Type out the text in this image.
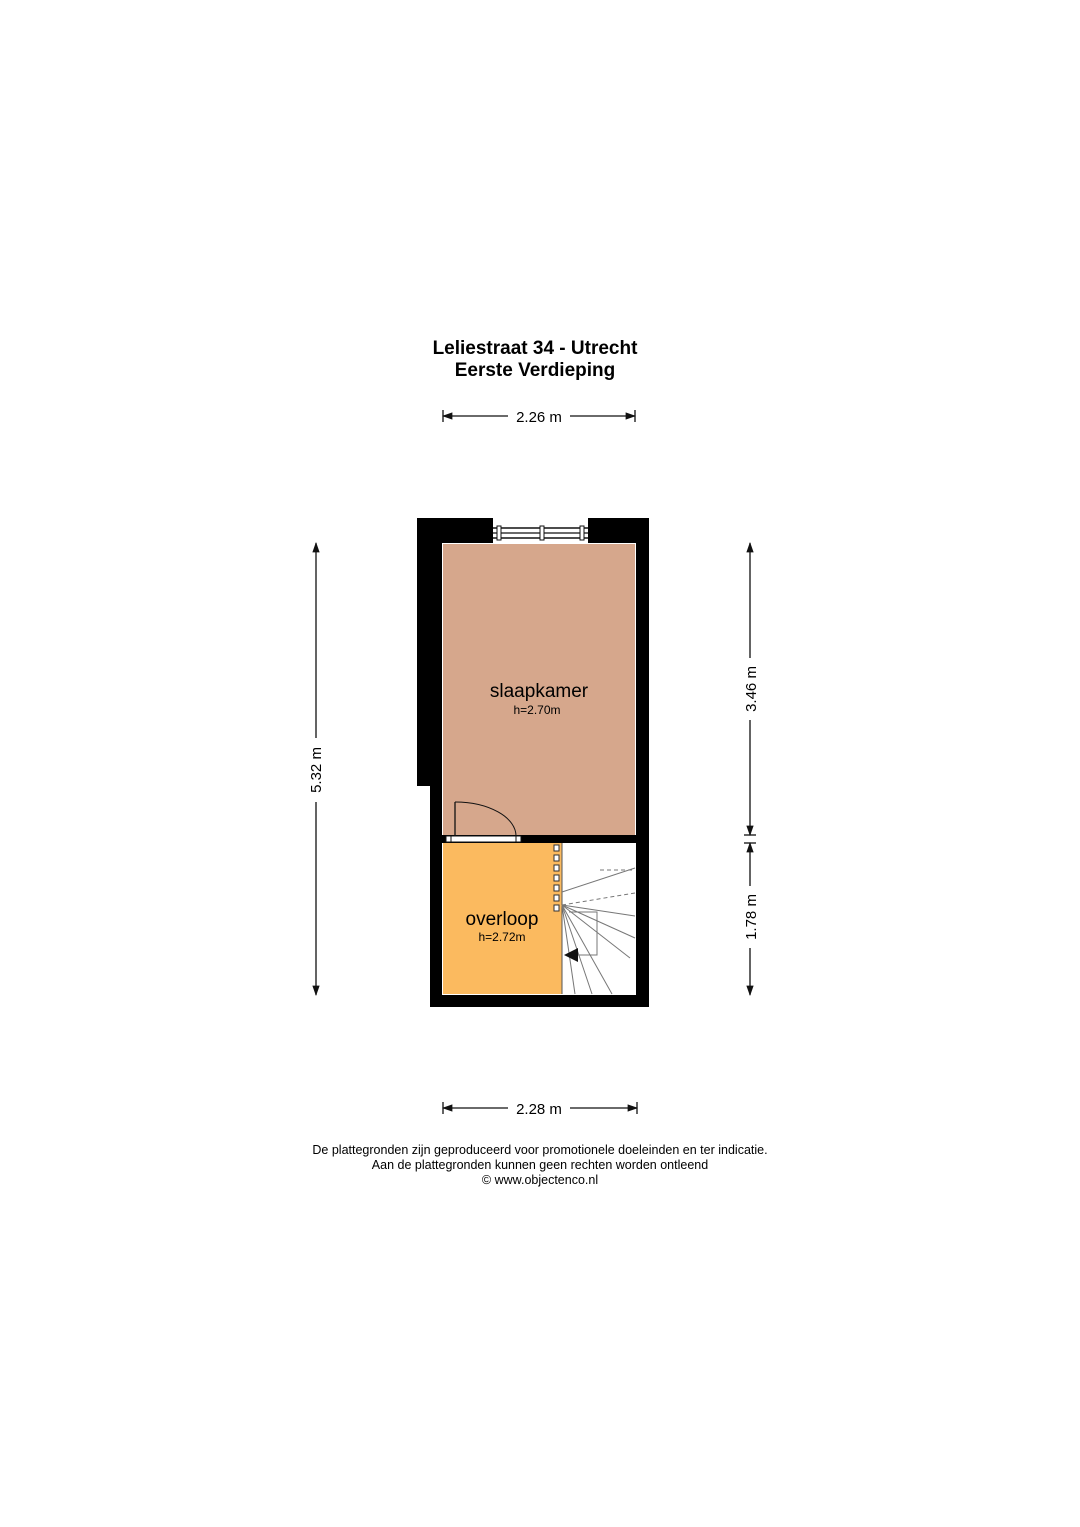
Leliestraat 34 - Utrecht
Eerste Verdieping
2.26 m
5.32 m
3.46 m
1.78 m
slaapkamer
h=2.70m
overloop
h=2.72m
2.28 m
De plattegronden zijn geproduceerd voor promotionele doeleinden en ter indicatie.
Aan de plattegronden kunnen geen rechten worden ontleend
© www.objectenco.nl
